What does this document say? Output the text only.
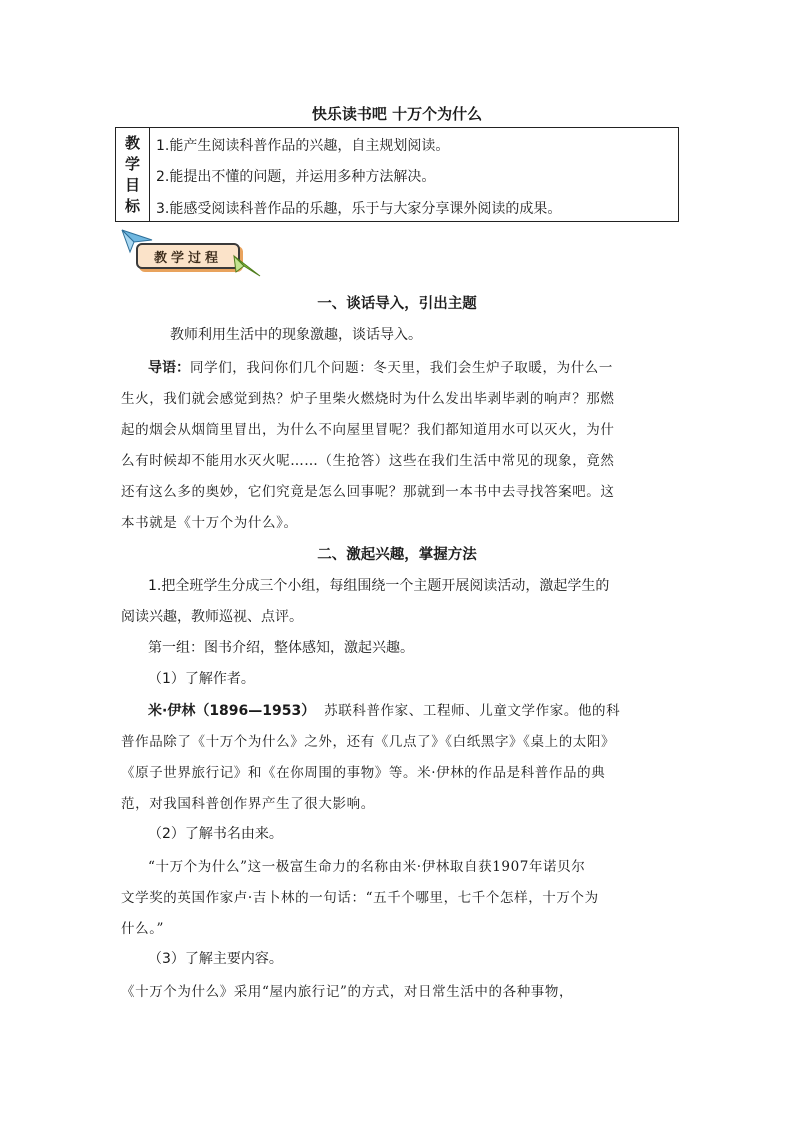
快乐读书吧 十万个为什么
教
学
目
标
1.能产生阅读科普作品的兴趣，自主规划阅读。
2.能提出不懂的问题，并运用多种方法解决。
3.能感受阅读科普作品的乐趣，乐于与大家分享课外阅读的成果。
教学过程
一、谈话导入，引出主题
教师利用生活中的现象激趣，谈话导入。
导语：同学们，我问你们几个问题：冬天里，我们会生炉子取暖，为什么一
生火，我们就会感觉到热？炉子里柴火燃烧时为什么发出毕剥毕剥的响声？那燃
起的烟会从烟筒里冒出，为什么不向屋里冒呢？我们都知道用水可以灭火，为什
么有时候却不能用水灭火呢……（生抢答）这些在我们生活中常见的现象，竟然
还有这么多的奥妙，它们究竟是怎么回事呢？那就到一本书中去寻找答案吧。这
本书就是《十万个为什么》。
二、激起兴趣，掌握方法
1.把全班学生分成三个小组，每组围绕一个主题开展阅读活动，激起学生的
阅读兴趣，教师巡视、点评。
第一组：图书介绍，整体感知，激起兴趣。
（1）了解作者。
米·伊林（1896—1953） 苏联科普作家、工程师、儿童文学作家。他的科
普作品除了《十万个为什么》之外，还有《几点了》《白纸黑字》《桌上的太阳》
《原子世界旅行记》和《在你周围的事物》等。米·伊林的作品是科普作品的典
范，对我国科普创作界产生了很大影响。
（2）了解书名由来。
“十万个为什么”这一极富生命力的名称由米·伊林取自获1907年诺贝尔
文学奖的英国作家卢·吉卜林的一句话：“五千个哪里，七千个怎样，十万个为
什么。”
（3）了解主要内容。
《十万个为什么》采用“屋内旅行记”的方式，对日常生活中的各种事物，
